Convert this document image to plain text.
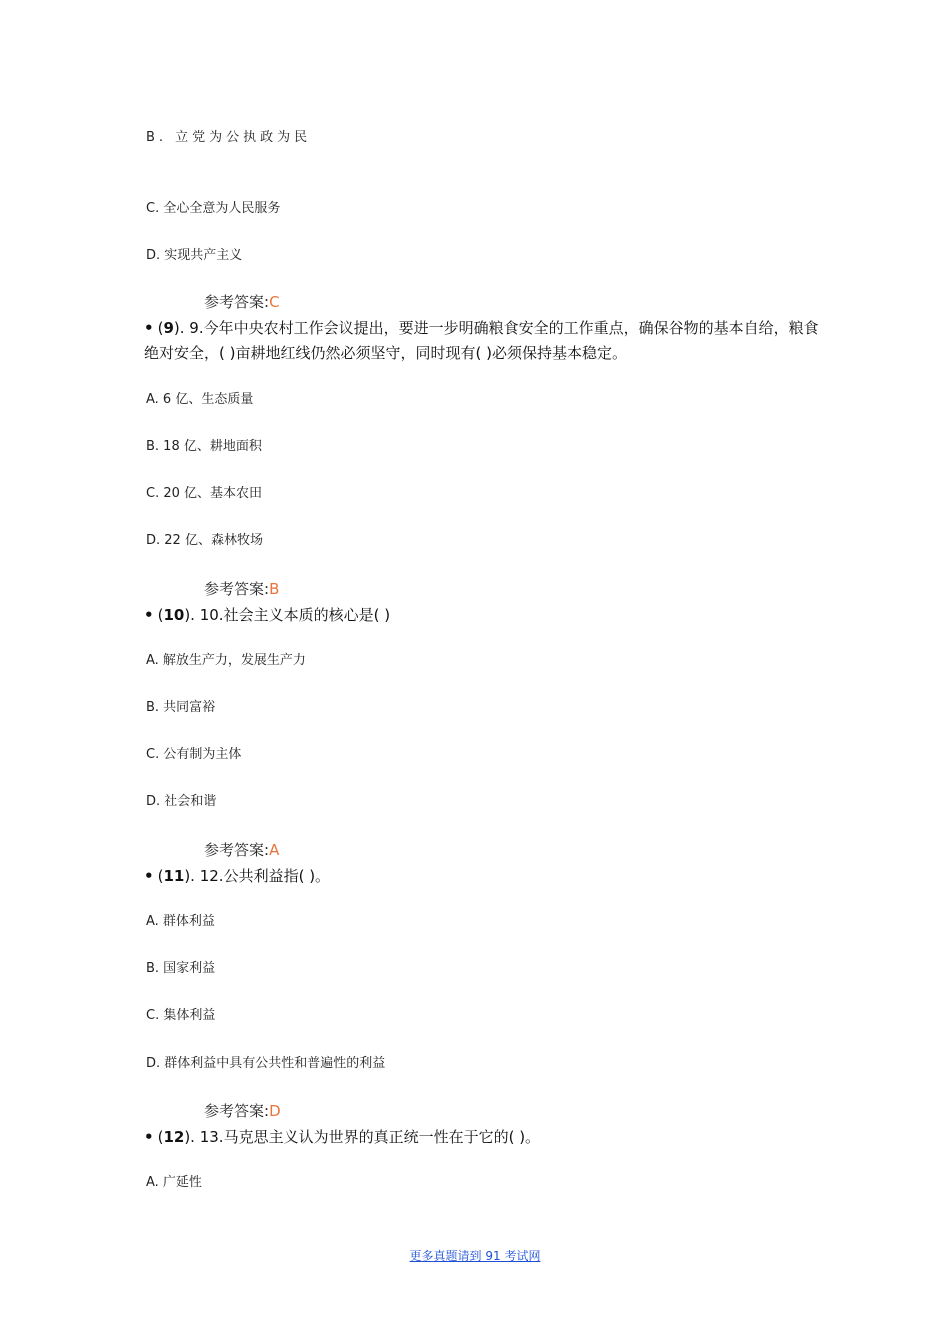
B. 立党为公执政为民
C. 全心全意为人民服务
D. 实现共产主义
参考答案:C
• (9). 9.今年中央农村工作会议提出，要进一步明确粮食安全的工作重点，确保谷物的基本自给，粮食绝对安全，( )亩耕地红线仍然必须坚守，同时现有( )必须保持基本稳定。
A. 6 亿、生态质量
B. 18 亿、耕地面积
C. 20 亿、基本农田
D. 22 亿、森林牧场
参考答案:B
• (10). 10.社会主义本质的核心是( )
A. 解放生产力，发展生产力
B. 共同富裕
C. 公有制为主体
D. 社会和谐
参考答案:A
• (11). 12.公共利益指( )。
A. 群体利益
B. 国家利益
C. 集体利益
D. 群体利益中具有公共性和普遍性的利益
参考答案:D
• (12). 13.马克思主义认为世界的真正统一性在于它的( )。
A. 广延性
更多真题请到 91 考试网
